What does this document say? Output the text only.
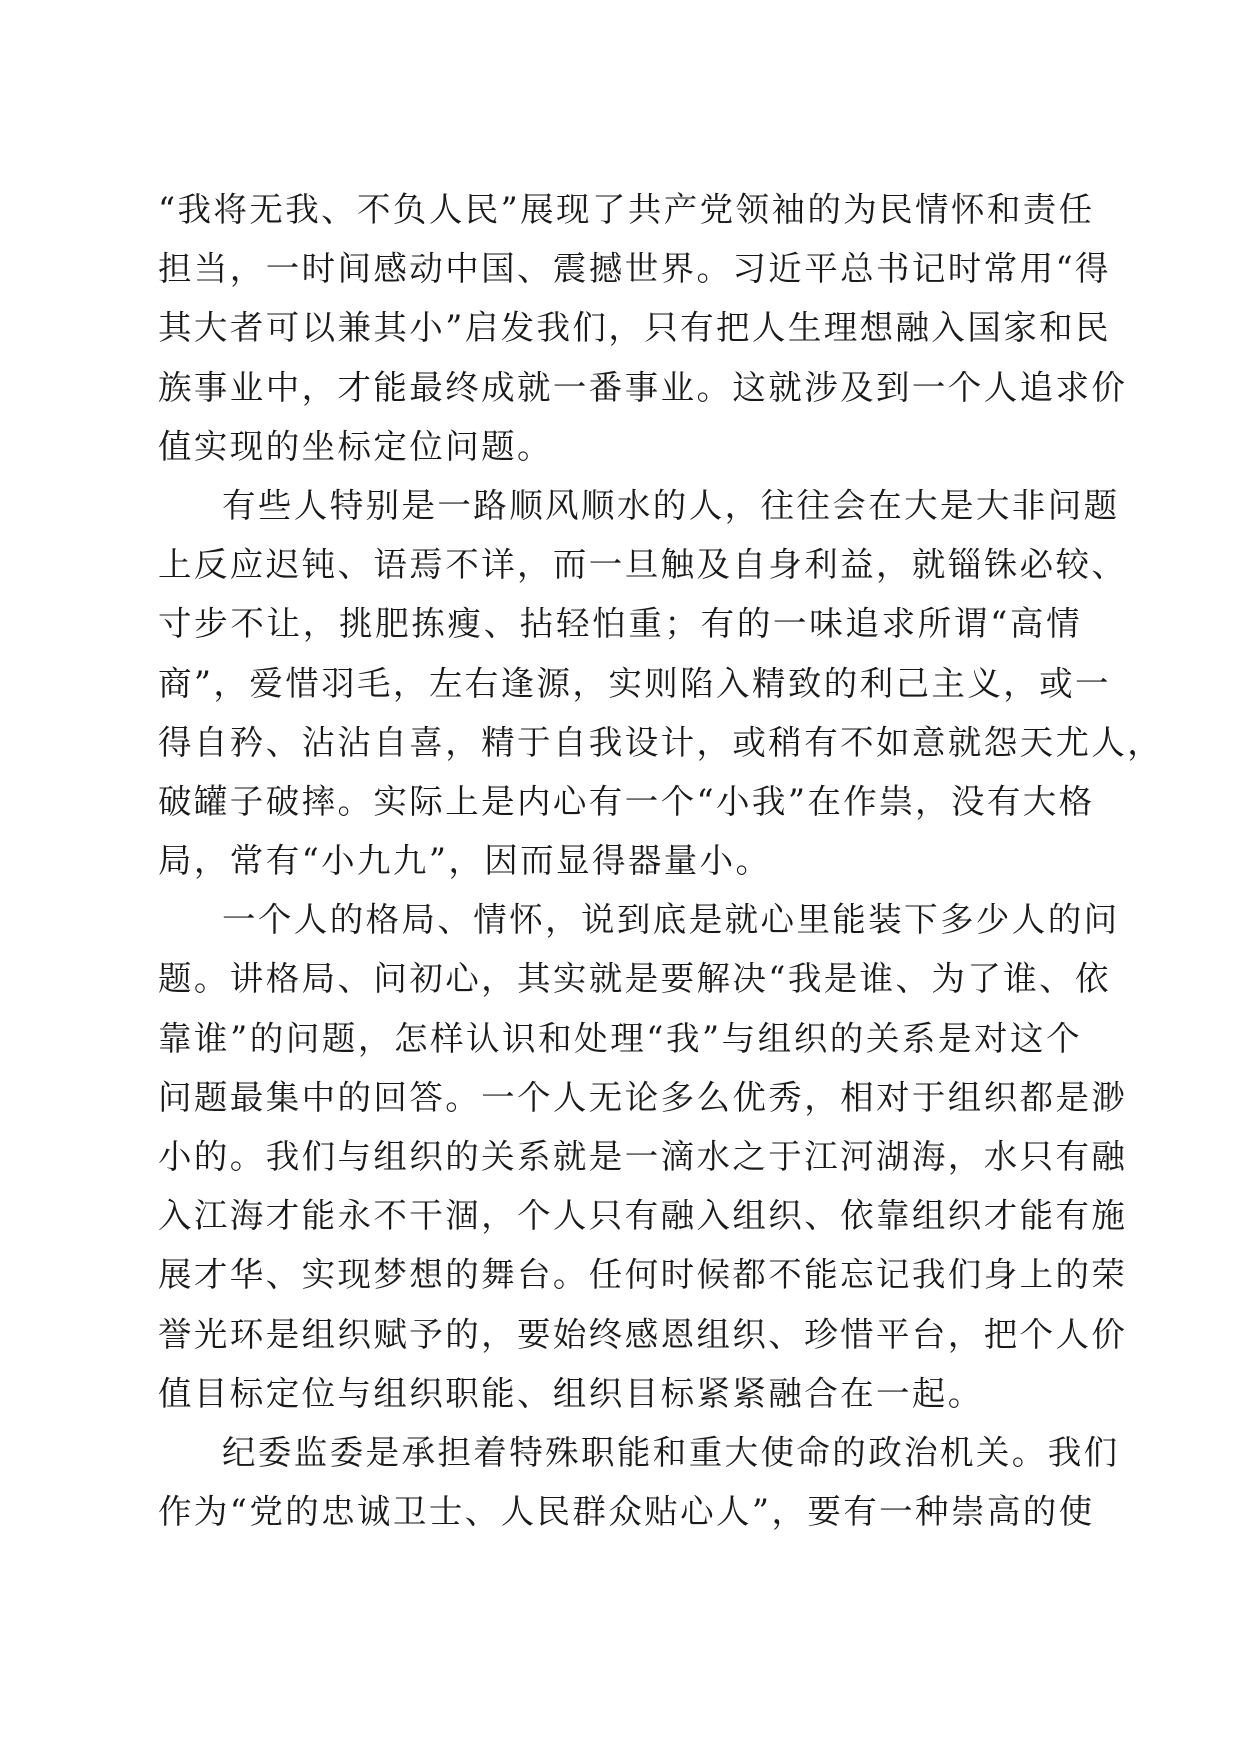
“我将无我、不负人民”展现了共产党领袖的为民情怀和责任
担当，一时间感动中国、震撼世界。习近平总书记时常用“得
其大者可以兼其小”启发我们，只有把人生理想融入国家和民
族事业中，才能最终成就一番事业。这就涉及到一个人追求价
值实现的坐标定位问题。
有些人特别是一路顺风顺水的人，往往会在大是大非问题
上反应迟钝、语焉不详，而一旦触及自身利益，就锱铢必较、
寸步不让，挑肥拣瘦、拈轻怕重；有的一味追求所谓“高情
商”，爱惜羽毛，左右逢源，实则陷入精致的利己主义，或一
得自矜、沾沾自喜，精于自我设计，或稍有不如意就怨天尤人，
破罐子破摔。实际上是内心有一个“小我”在作祟，没有大格
局，常有“小九九”，因而显得器量小。
一个人的格局、情怀，说到底是就心里能装下多少人的问
题。讲格局、问初心，其实就是要解决“我是谁、为了谁、依
靠谁”的问题，怎样认识和处理“我”与组织的关系是对这个
问题最集中的回答。一个人无论多么优秀，相对于组织都是渺
小的。我们与组织的关系就是一滴水之于江河湖海，水只有融
入江海才能永不干涸，个人只有融入组织、依靠组织才能有施
展才华、实现梦想的舞台。任何时候都不能忘记我们身上的荣
誉光环是组织赋予的，要始终感恩组织、珍惜平台，把个人价
值目标定位与组织职能、组织目标紧紧融合在一起。
纪委监委是承担着特殊职能和重大使命的政治机关。我们
作为“党的忠诚卫士、人民群众贴心人”，要有一种崇高的使
